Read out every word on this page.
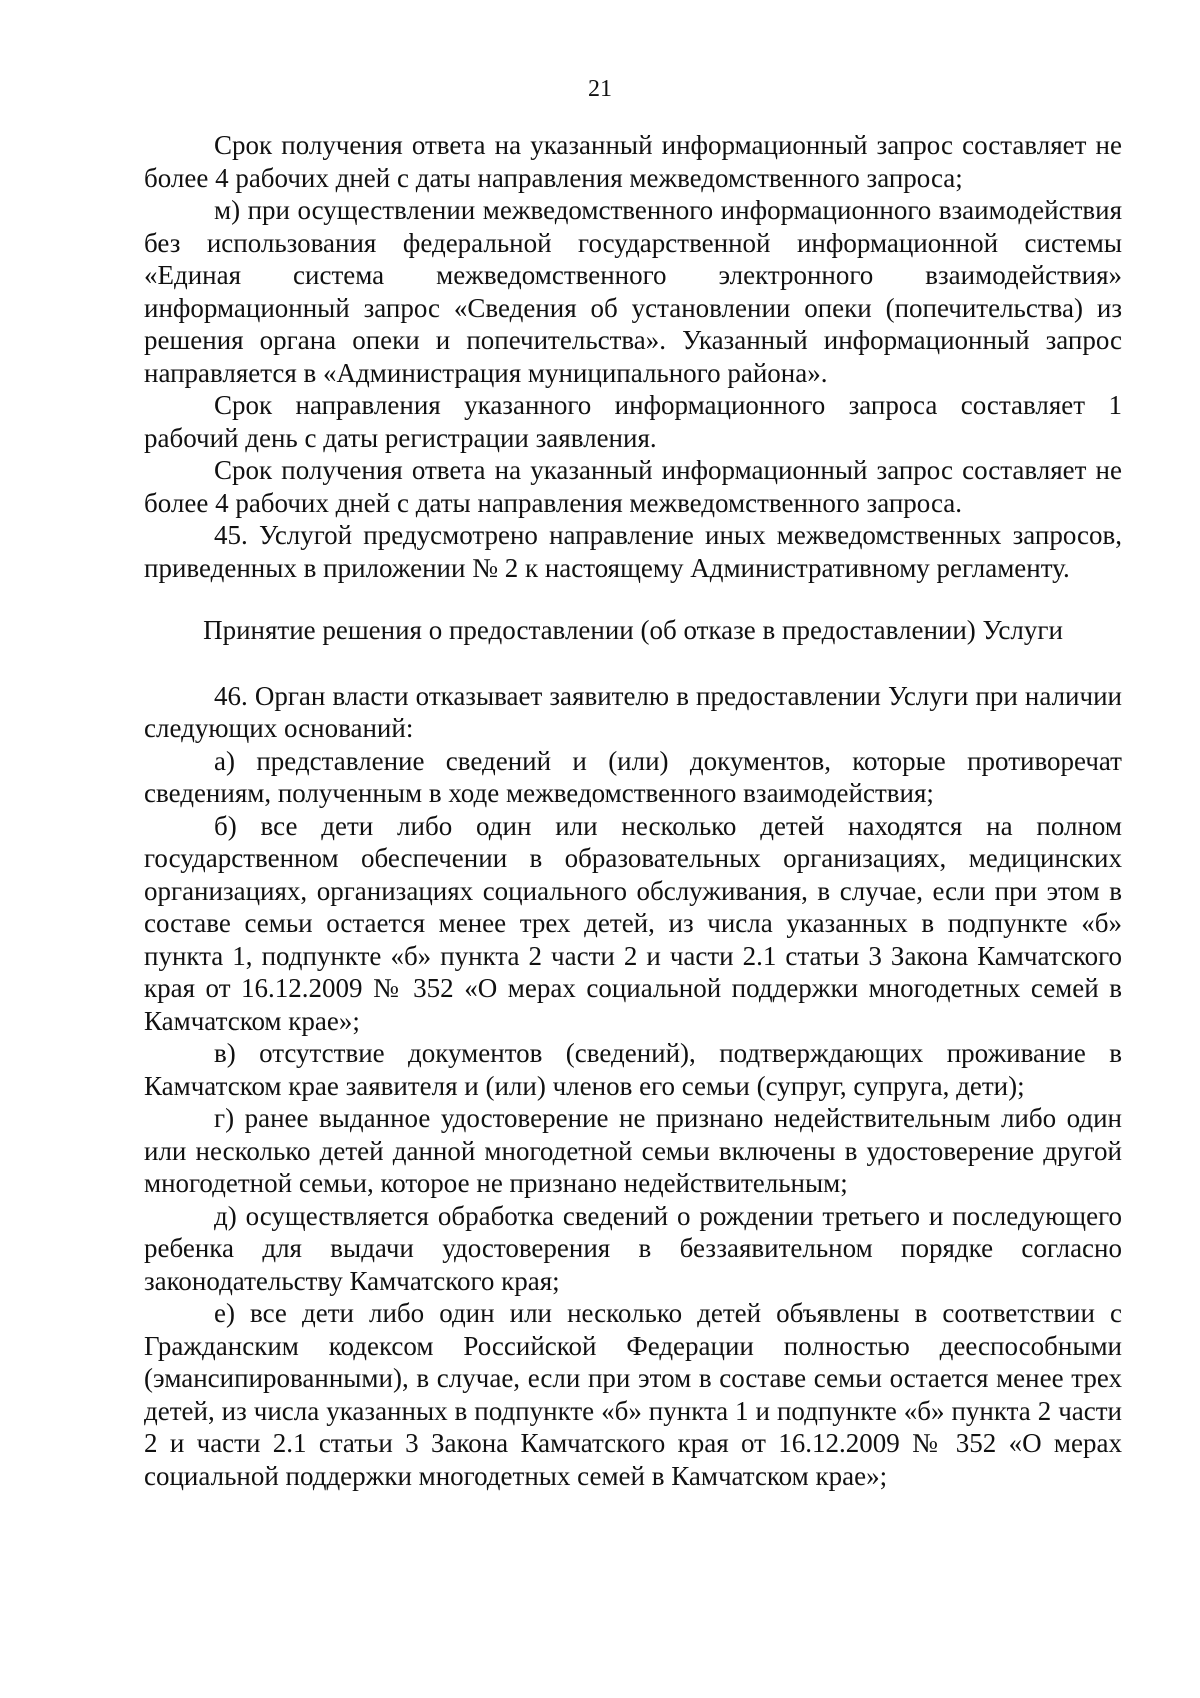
21

Срок получения ответа на указанный информационный запрос составляет не более 4 рабочих дней с даты направления межведомственного запроса;

м) при осуществлении межведомственного информационного взаимодействия без использования федеральной государственной информационной системы «Единая система межведомственного электронного взаимодействия» информационный запрос «Сведения об установлении опеки (попечительства) из решения органа опеки и попечительства». Указанный информационный запрос направляется в «Администрация муниципального района».

Срок направления указанного информационного запроса составляет 1 рабочий день с даты регистрации заявления.

Срок получения ответа на указанный информационный запрос составляет не более 4 рабочих дней с даты направления межведомственного запроса.

45. Услугой предусмотрено направление иных межведомственных запросов, приведенных в приложении № 2 к настоящему Административному регламенту.

Принятие решения о предоставлении (об отказе в предоставлении) Услуги

46. Орган власти отказывает заявителю в предоставлении Услуги при наличии следующих оснований:

а) представление сведений и (или) документов, которые противоречат сведениям, полученным в ходе межведомственного взаимодействия;

б) все дети либо один или несколько детей находятся на полном государственном обеспечении в образовательных организациях, медицинских организациях, организациях социального обслуживания, в случае, если при этом в составе семьи остается менее трех детей, из числа указанных в подпункте «б» пункта 1, подпункте «б» пункта 2 части 2 и части 2.1 статьи 3 Закона Камчатского края от 16.12.2009 № 352 «О мерах социальной поддержки многодетных семей в Камчатском крае»;

в) отсутствие документов (сведений), подтверждающих проживание в Камчатском крае заявителя и (или) членов его семьи (супруг, супруга, дети);

г) ранее выданное удостоверение не признано недействительным либо один или несколько детей данной многодетной семьи включены в удостоверение другой многодетной семьи, которое не признано недействительным;

д) осуществляется обработка сведений о рождении третьего и последующего ребенка для выдачи удостоверения в беззаявительном порядке согласно законодательству Камчатского края;

е) все дети либо один или несколько детей объявлены в соответствии с Гражданским кодексом Российской Федерации полностью дееспособными (эмансипированными), в случае, если при этом в составе семьи остается менее трех детей, из числа указанных в подпункте «б» пункта 1 и подпункте «б» пункта 2 части 2 и части 2.1 статьи 3 Закона Камчатского края от 16.12.2009 № 352 «О мерах социальной поддержки многодетных семей в Камчатском крае»;
